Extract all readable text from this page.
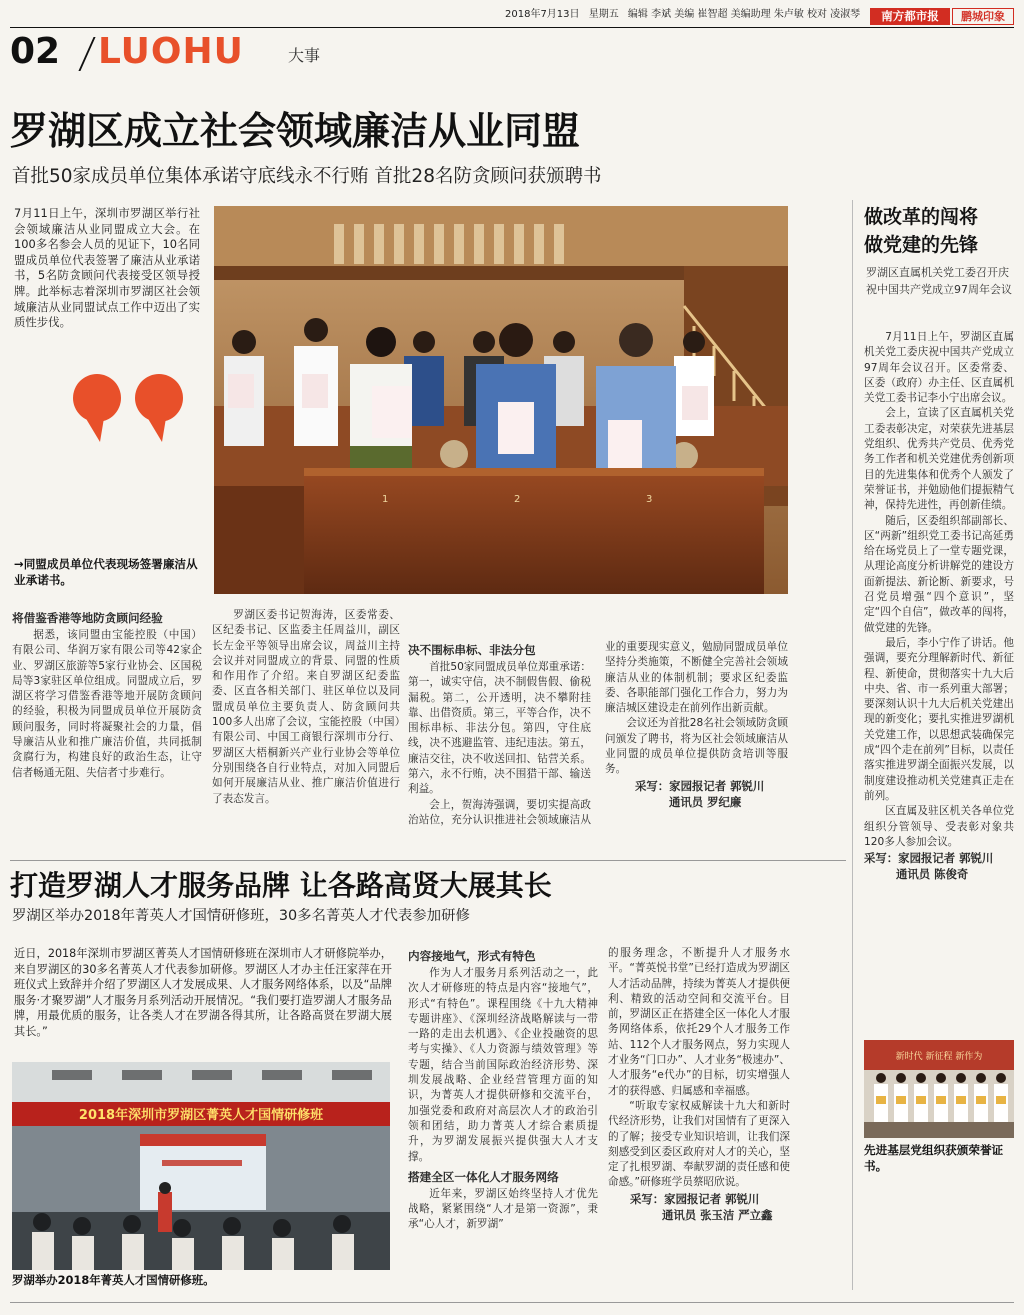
2018年7月13日 星期五 编辑 李斌 美编 崔智超 美编助理 朱卢敏 校对 凌淑琴	南方都市报	鹏城印象
02 LUOHU	大事
罗湖区成立社会领域廉洁从业同盟
首批50家成员单位集体承诺守底线永不行贿 首批28名防贪顾问获颁聘书
7月11日上午，深圳市罗湖区举行社会领域廉洁从业同盟成立大会。在100多名参会人员的见证下，10名同盟成员单位代表签署了廉洁从业承诺书，5名防贪顾问代表接受区领导授牌。此举标志着深圳市罗湖区社会领域廉洁从业同盟试点工作中迈出了实质性步伐。
→同盟成员单位代表现场签署廉洁从业承诺书。
1	2	3

将借鉴香港等地防贪顾问经验

据悉，该同盟由宝能控股（中国）有限公司、华润万家有限公司等42家企业、罗湖区旅游等5家行业协会、区国税局等3家驻区单位组成。同盟成立后，罗湖区将学习借鉴香港等地开展防贪顾问的经验，积极为同盟成员单位开展防贪顾问服务，同时将凝聚社会的力量，倡导廉洁从业和推广廉洁价值，共同抵制贪腐行为，构建良好的政治生态，让守信者畅通无阻、失信者寸步难行。

罗湖区委书记贺海涛，区委常委、区纪委书记、区监委主任周益川，副区长左金平等领导出席会议，周益川主持会议并对同盟成立的背景、同盟的性质和作用作了介绍。来自罗湖区纪委监委、区直各相关部门、驻区单位以及同盟成员单位主要负责人、防贪顾问共100多人出席了会议，宝能控股（中国）有限公司、中国工商银行深圳市分行、罗湖区大梧桐新兴产业行业协会等单位分别围绕各自行业特点，对加入同盟后如何开展廉洁从业、推广廉洁价值进行了表态发言。

决不围标串标、非法分包

首批50家同盟成员单位郑重承诺：第一，诚实守信，决不制假售假、偷税漏税。第二，公开透明，决不攀附挂靠、出借资质。第三，平等合作，决不围标串标、非法分包。第四，守住底线，决不逃避监管、违纪违法。第五，廉洁交往，决不收送回扣、钻营关系。第六，永不行贿，决不围猎干部、输送利益。

会上，贺海涛强调，要切实提高政治站位，充分认识推进社会领域廉洁从业的重要现实意义，勉励同盟成员单位坚持分类施策，不断健全完善社会领域廉洁从业的体制机制；要求区纪委监委、各职能部门强化工作合力，努力为廉洁城区建设走在前列作出新贡献。

会议还为首批28名社会领域防贪顾问颁发了聘书，将为区社会领域廉洁从业同盟的成员单位提供防贪培训等服务。

采写：家园报记者 郭锐川

通讯员 罗纪廉

做改革的闯将
做党建的先锋
罗湖区直属机关党工委召开庆祝中国共产党成立97周年会议

7月11日上午，罗湖区直属机关党工委庆祝中国共产党成立97周年会议召开。区委常委、区委（政府）办主任、区直属机关党工委书记李小宁出席会议。

会上，宣读了区直属机关党工委表彰决定，对荣获先进基层党组织、优秀共产党员、优秀党务工作者和机关党建优秀创新项目的先进集体和优秀个人颁发了荣誉证书，并勉励他们提振精气神，保持先进性，再创新佳绩。

随后，区委组织部副部长、区“两新”组织党工委书记高延勇给在场党员上了一堂专题党课，从理论高度分析讲解党的建设方面新提法、新论断、新要求，号召党员增强“四个意识”，坚定“四个自信”，做改革的闯将，做党建的先锋。

最后，李小宁作了讲话。他强调，要充分理解新时代、新征程、新使命，贯彻落实十九大后中央、省、市一系列重大部署；要深刻认识十九大后机关党建出现的新变化；要扎实推进罗湖机关党建工作，以思想武装确保完成“四个走在前列”目标，以责任落实推进罗湖全面振兴发展，以制度建设推动机关党建真正走在前列。

区直属及驻区机关各单位党组织分管领导、受表彰对象共120多人参加会议。

采写：家园报记者 郭锐川

通讯员 陈俊奇

新时代 新征程 新作为
先进基层党组织获颁荣誉证书。
打造罗湖人才服务品牌 让各路高贤大展其长
罗湖区举办2018年菁英人才国情研修班，30多名菁英人才代表参加研修
近日，2018年深圳市罗湖区菁英人才国情研修班在深圳市人才研修院举办，来自罗湖区的30多名菁英人才代表参加研修。罗湖区人才办主任汪家萍在开班仪式上致辞并介绍了罗湖区人才发展成果、人才服务网络体系，以及“品牌服务·才聚罗湖”人才服务月系列活动开展情况。“我们要打造罗湖人才服务品牌，用最优质的服务，让各类人才在罗湖各得其所，让各路高贤在罗湖大展其长。”
2018年深圳市罗湖区菁英人才国情研修班
罗湖举办2018年菁英人才国情研修班。

内容接地气，形式有特色

作为人才服务月系列活动之一，此次人才研修班的特点是内容“接地气”，形式“有特色”。课程围绕《十九大精神专题讲座》、《深圳经济战略解读与一带一路的走出去机遇》、《企业投融资的思考与实操》、《人力资源与绩效管理》等专题，结合当前国际政治经济形势、深圳发展战略、企业经营管理方面的知识，为菁英人才提供研修和交流平台，加强党委和政府对高层次人才的政治引领和团结，助力菁英人才综合素质提升，为罗湖发展振兴提供强大人才支撑。

搭建全区一体化人才服务网络

近年来，罗湖区始终坚持人才优先战略，紧紧围绕“人才是第一资源”，秉承“心人才，新罗湖”

的服务理念，不断提升人才服务水平。“菁英悦书堂”已经打造成为罗湖区人才活动品牌，持续为菁英人才提供便利、精致的活动空间和交流平台。目前，罗湖区正在搭建全区一体化人才服务网络体系，依托29个人才服务工作站、112个人才服务网点，努力实现人才业务“门口办”、人才业务“极速办”、人才服务“e代办”的目标，切实增强人才的获得感、归属感和幸福感。

“听取专家权威解读十九大和新时代经济形势，让我们对国情有了更深入的了解；接受专业知识培训，让我们深刻感受到区委区政府对人才的关心，坚定了扎根罗湖、奉献罗湖的责任感和使命感。”研修班学员蔡昭欣说。

采写：家园报记者 郭锐川

通讯员 张玉洁 严立鑫
